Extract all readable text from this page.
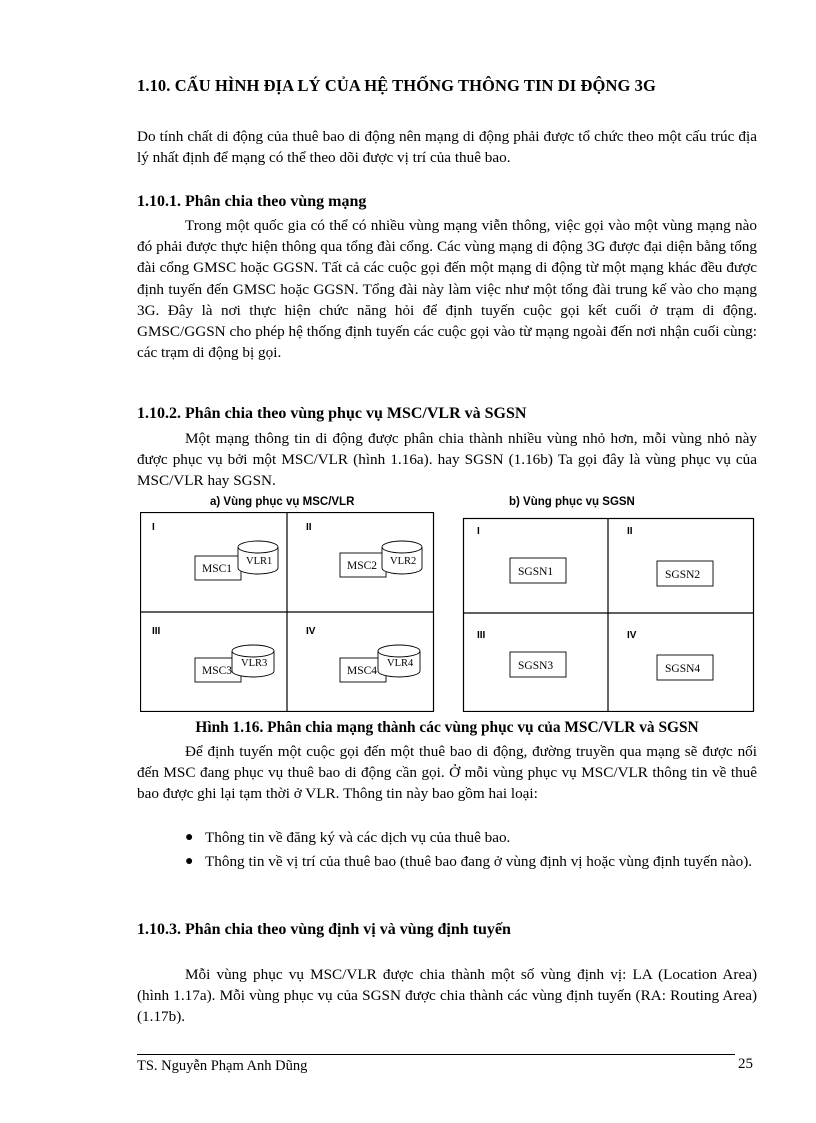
1.10. CẤU HÌNH ĐỊA LÝ CỦA HỆ THỐNG THÔNG TIN DI ĐỘNG 3G

Do tính chất di động của thuê bao di động nên mạng di động phải được tổ chức theo một cấu trúc địa lý nhất định để mạng có thể theo dõi được vị trí của thuê bao.

1.10.1. Phân chia theo vùng mạng

Trong một quốc gia có thể có nhiều vùng mạng viễn thông, việc gọi vào một vùng mạng nào đó phải được thực hiện thông qua tổng đài cổng. Các vùng mạng di động 3G được đại diện bằng tổng đài cổng GMSC hoặc GGSN. Tất cả các cuộc gọi đến một mạng di động từ một mạng khác đều được định tuyến đến GMSC hoặc GGSN. Tổng đài này làm việc như một tổng đài trung kế vào cho mạng 3G. Đây là nơi thực hiện chức năng hỏi để định tuyến cuộc gọi kết cuối ở trạm di động. GMSC/GGSN cho phép hệ thống định tuyến các cuộc gọi vào từ mạng ngoài đến nơi nhận cuối cùng: các trạm di động bị gọi.

1.10.2. Phân chia theo vùng phục vụ MSC/VLR và SGSN

Một mạng thông tin di động được phân chia thành nhiều vùng nhỏ hơn, mỗi vùng nhỏ này được phục vụ bởi một MSC/VLR (hình 1.16a). hay SGSN (1.16b) Ta gọi đây là vùng phục vụ của MSC/VLR hay SGSN.

a) Vùng phục vụ MSC/VLR	b) Vùng phục vụ SGSN
I
MSC1
VLR1
II
MSC2 VLR2
III
MSC3
VLR3
IV
MSC4
VLR4
I
SGSN1
II
SGSN2
III
SGSN3
IV
SGSN4
Hình 1.16. Phân chia mạng thành các vùng phục vụ của MSC/VLR và SGSN

Để định tuyến một cuộc gọi đến một thuê bao di động, đường truyền qua mạng sẽ được nối đến MSC đang phục vụ thuê bao di động cần gọi. Ở mỗi vùng phục vụ MSC/VLR thông tin về thuê bao được ghi lại tạm thời ở VLR. Thông tin này bao gồm hai loại:

● Thông tin về đăng ký và các dịch vụ của thuê bao.
● Thông tin về vị trí của thuê bao (thuê bao đang ở vùng định vị hoặc vùng định tuyến nào).
1.10.3. Phân chia theo vùng định vị và vùng định tuyến

Mỗi vùng phục vụ MSC/VLR được chia thành một số vùng định vị: LA (Location Area) (hình 1.17a). Mỗi vùng phục vụ của SGSN được chia thành các vùng định tuyến (RA: Routing Area) (1.17b).

TS. Nguyễn Phạm Anh Dũng	25
